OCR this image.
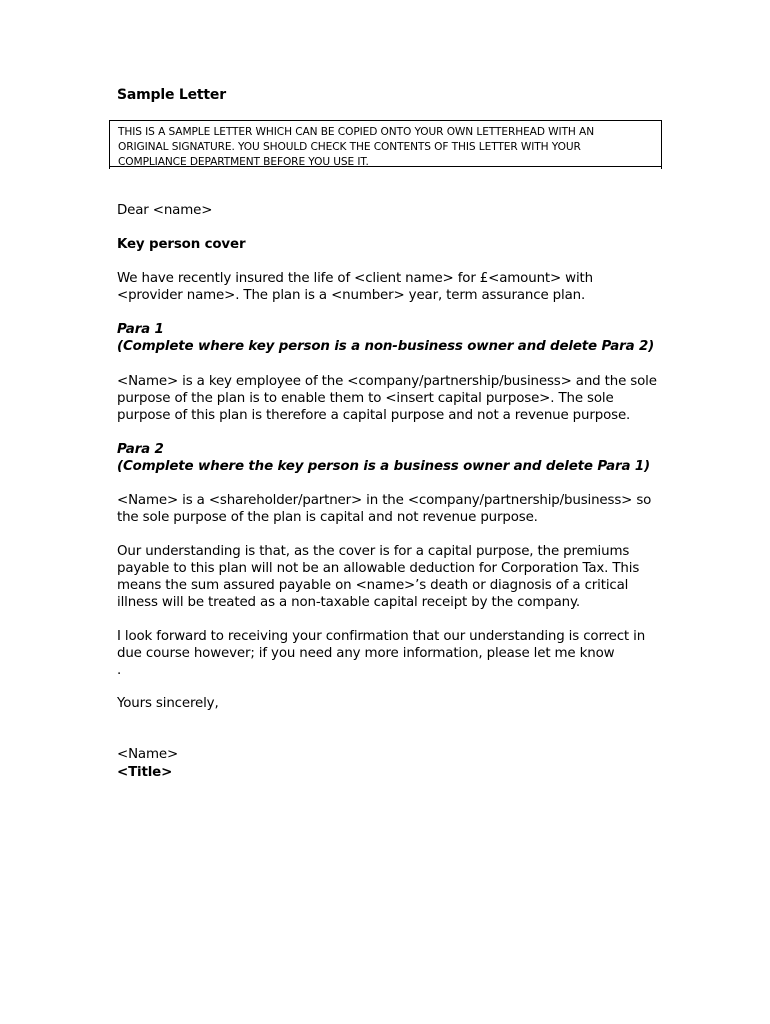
Sample Letter
THIS IS A SAMPLE LETTER WHICH CAN BE COPIED ONTO YOUR OWN LETTERHEAD WITH AN
ORIGINAL SIGNATURE. YOU SHOULD CHECK THE CONTENTS OF THIS LETTER WITH YOUR
COMPLIANCE DEPARTMENT BEFORE YOU USE IT.
Dear <name>
Key person cover
We have recently insured the life of <client name> for £<amount> with
<provider name>. The plan is a <number> year, term assurance plan.
Para 1
(Complete where key person is a non-business owner and delete Para 2)
<Name> is a key employee of the <company/partnership/business> and the sole
purpose of the plan is to enable them to <insert capital purpose>. The sole
purpose of this plan is therefore a capital purpose and not a revenue purpose.
Para 2
(Complete where the key person is a business owner and delete Para 1)
<Name> is a <shareholder/partner> in the <company/partnership/business> so
the sole purpose of the plan is capital and not revenue purpose.
Our understanding is that, as the cover is for a capital purpose, the premiums
payable to this plan will not be an allowable deduction for Corporation Tax. This
means the sum assured payable on <name>’s death or diagnosis of a critical
illness will be treated as a non-taxable capital receipt by the company.
I look forward to receiving your confirmation that our understanding is correct in
due course however; if you need any more information, please let me know
.
Yours sincerely,
<Name>
<Title>
